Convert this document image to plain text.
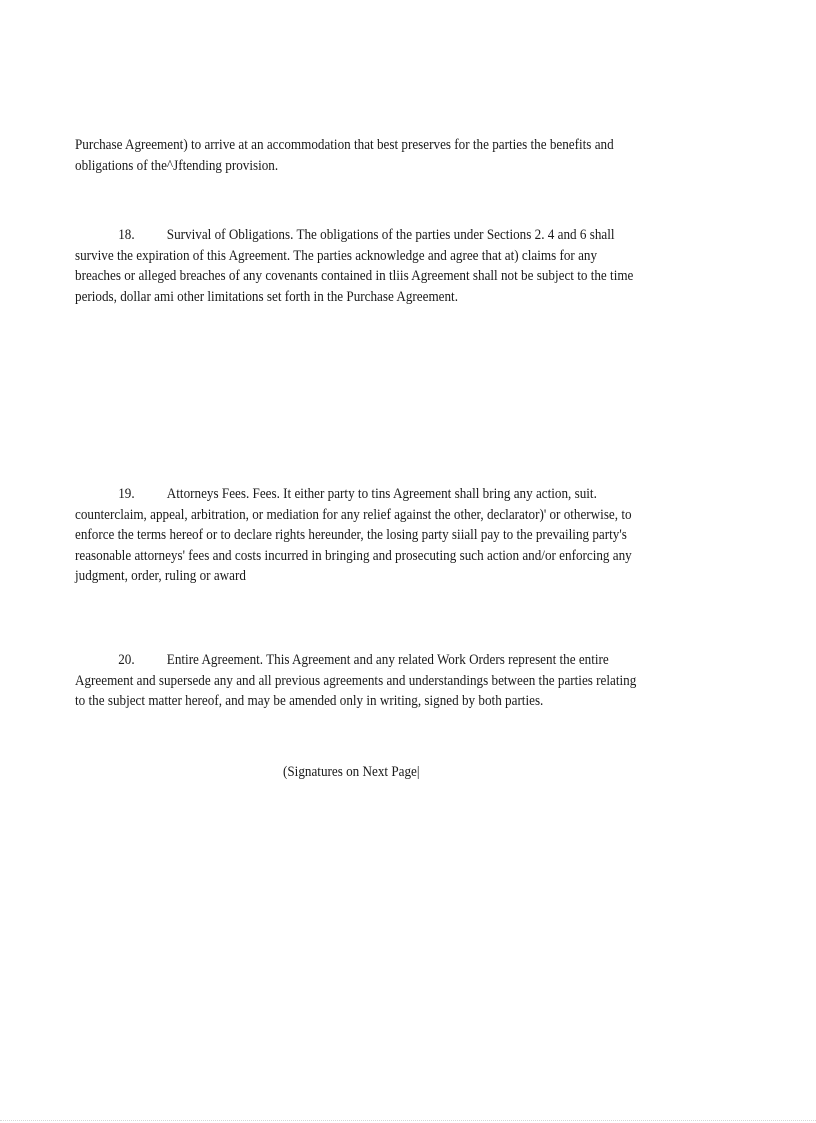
Purchase Agreement) to arrive at an accommodation that best preserves for the parties the benefits and
obligations of the^Jftending provision.

18. Survival of Obligations. The obligations of the parties under Sections 2. 4 and 6 shall
survive the expiration of this Agreement. The parties acknowledge and agree that at) claims for any
breaches or alleged breaches of any covenants contained in tliis Agreement shall not be subject to the time
periods, dollar ami other limitations set forth in the Purchase Agreement.

19. Attorneys Fees. Fees. It either party to tins Agreement shall bring any action, suit.
counterclaim, appeal, arbitration, or mediation for any relief against the other, declarator)' or otherwise, to
enforce the terms hereof or to declare rights hereunder, the losing party siiall pay to the prevailing party's
reasonable attorneys' fees and costs incurred in bringing and prosecuting such action and/or enforcing any
judgment, order, ruling or award

20. Entire Agreement. This Agreement and any related Work Orders represent the entire
Agreement and supersede any and all previous agreements and understandings between the parties relating
to the subject matter hereof, and may be amended only in writing, signed by both parties.

(Signatures on Next Page|
